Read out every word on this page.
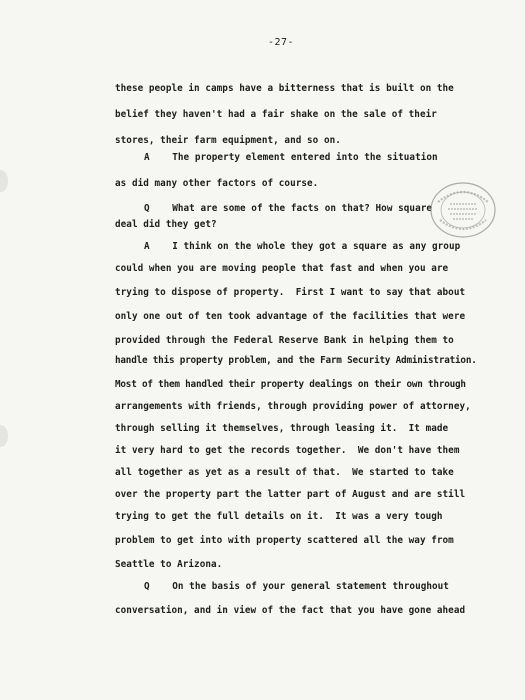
-27-
these people in camps have a bitterness that is built on the
belief they haven't had a fair shake on the sale of their
stores, their farm equipment, and so on.
A    The property element entered into the situation
as did many other factors of course.
Q    What are some of the facts on that? How square
deal did they get?
A    I think on the whole they got a square as any group
could when you are moving people that fast and when you are
trying to dispose of property.  First I want to say that about
only one out of ten took advantage of the facilities that were
provided through the Federal Reserve Bank in helping them to
handle this property problem, and the Farm Security Administration.
Most of them handled their property dealings on their own through
arrangements with friends, through providing power of attorney,
through selling it themselves, through leasing it.  It made
it very hard to get the records together.  We don't have them
all together as yet as a result of that.  We started to take
over the property part the latter part of August and are still
trying to get the full details on it.  It was a very tough
problem to get into with property scattered all the way from
Seattle to Arizona.
Q    On the basis of your general statement throughout
conversation, and in view of the fact that you have gone ahead
